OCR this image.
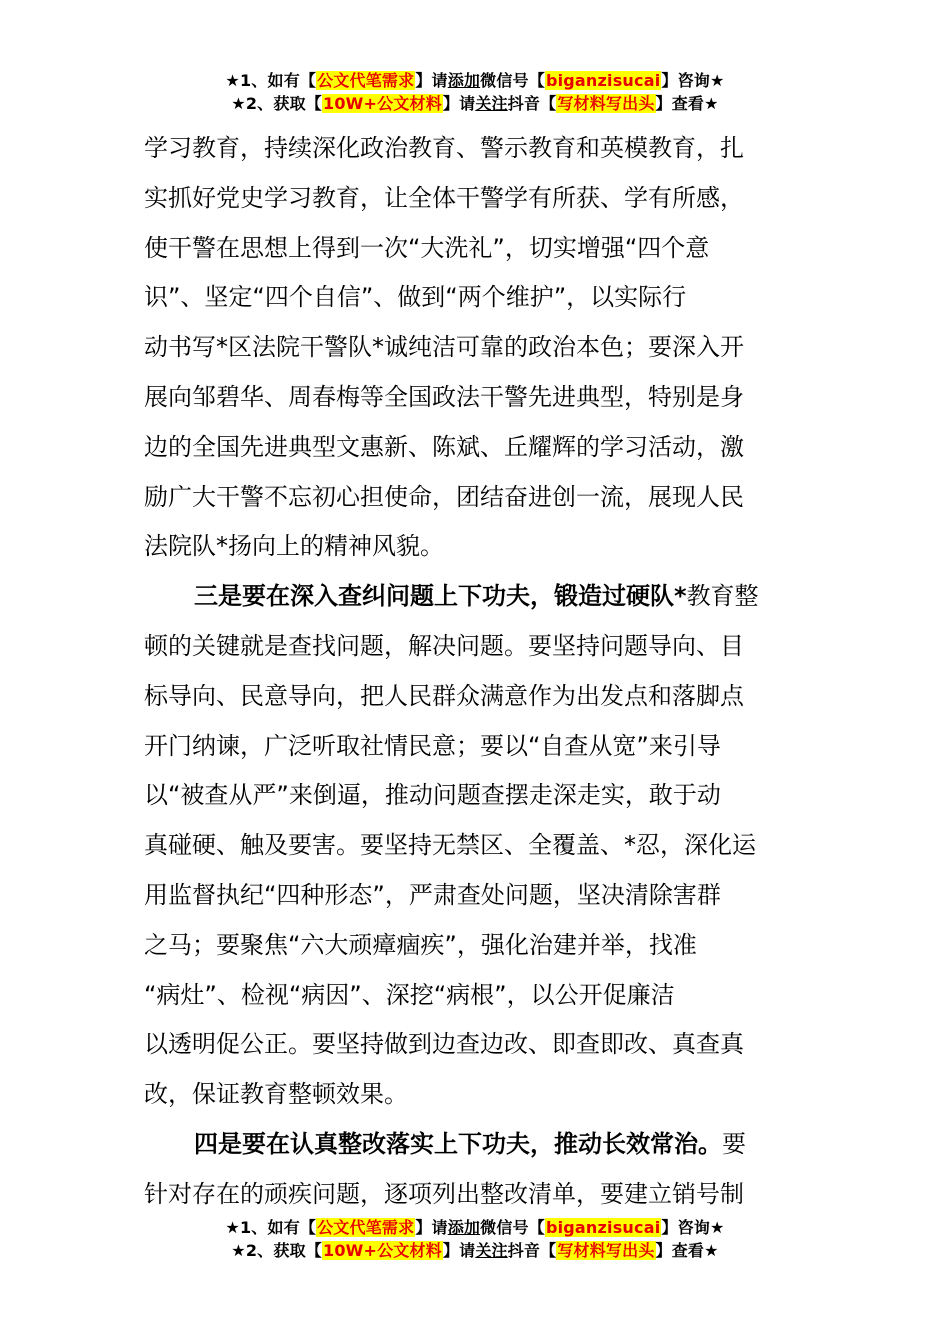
★1、如有【公文代笔需求】请添加微信号【biganzisucai】咨询★
★2、获取【10W+公文材料】请关注抖音【写材料写出头】查看★

学习教育，持续深化政治教育、警示教育和英模教育，扎
实抓好党史学习教育，让全体干警学有所获、学有所感，
使干警在思想上得到一次“大洗礼”，切实增强“四个意
识”、坚定“四个自信”、做到“两个维护”，以实际行
动书写*区法院干警队*诚纯洁可靠的政治本色；要深入开
展向邹碧华、周春梅等全国政法干警先进典型，特别是身
边的全国先进典型文惠新、陈斌、丘耀辉的学习活动，激
励广大干警不忘初心担使命，团结奋进创一流，展现人民
法院队*扬向上的精神风貌。

三是要在深入查纠问题上下功夫，锻造过硬队*教育整
顿的关键就是查找问题，解决问题。要坚持问题导向、目
标导向、民意导向，把人民群众满意作为出发点和落脚点
开门纳谏，广泛听取社情民意；要以“自查从宽”来引导
以“被查从严”来倒逼，推动问题查摆走深走实，敢于动
真碰硬、触及要害。要坚持无禁区、全覆盖、*忍，深化运
用监督执纪“四种形态”，严肃查处问题，坚决清除害群
之马；要聚焦“六大顽瘴痼疾”，强化治建并举，找准
“病灶”、检视“病因”、深挖“病根”，以公开促廉洁
以透明促公正。要坚持做到边查边改、即查即改、真查真
改，保证教育整顿效果。

四是要在认真整改落实上下功夫，推动长效常治。要
针对存在的顽疾问题，逐项列出整改清单，要建立销号制

★1、如有【公文代笔需求】请添加微信号【biganzisucai】咨询★
★2、获取【10W+公文材料】请关注抖音【写材料写出头】查看★
